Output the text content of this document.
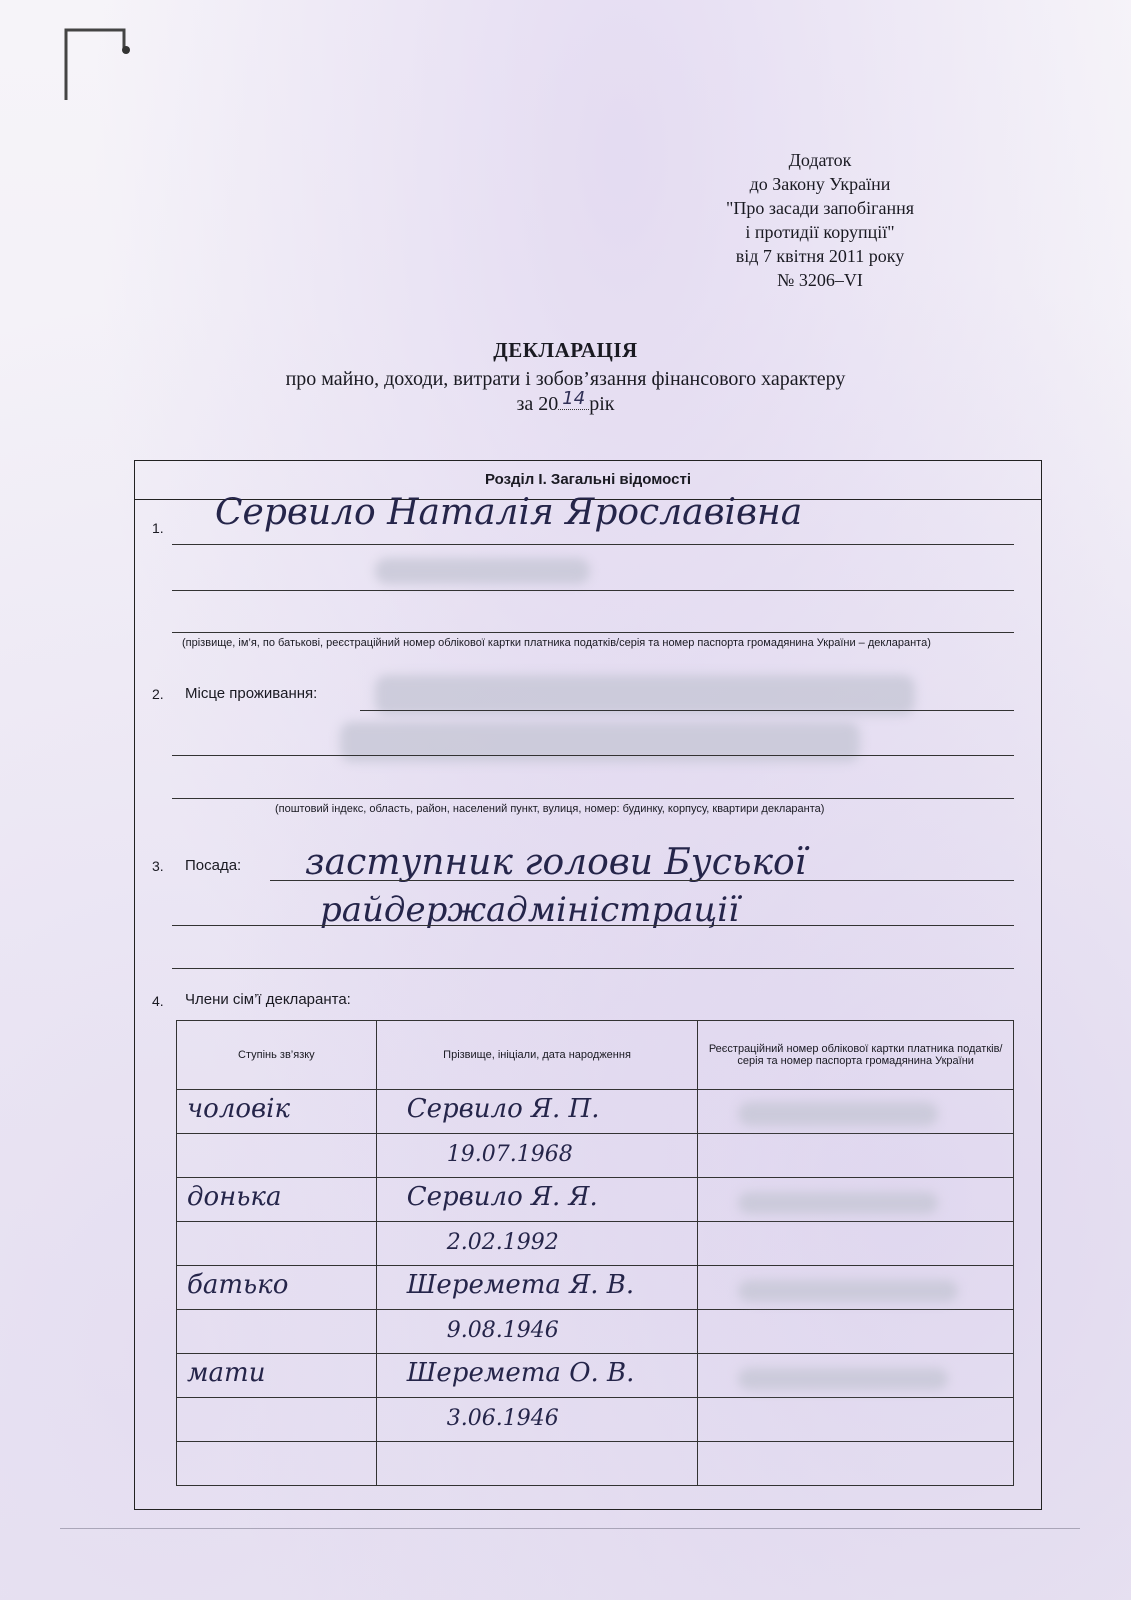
Додаток
до Закону України
"Про засади запобігання
і протидії корупції"
від 7 квітня 2011 року
№ 3206–VI
ДЕКЛАРАЦІЯ
про майно, доходи, витрати і зобов’язання фінансового характеру
за 20 14 рік
Розділ І. Загальні відомості
1. Сервило Наталія Ярославівна
(прізвище, ім’я, по батькові, реєстраційний номер облікової картки платника податків/серія та номер паспорта громадянина України – декларанта)
2. Місце проживання:
(поштовий індекс, область, район, населений пункт, вулиця, номер: будинку, корпусу, квартири декларанта)
3. Посада: заступник голови Буської
райдержадміністрації
4. Члени сім’ї декларанта:
Ступінь зв’язку	Прізвище, ініціали, дата народження	Реєстраційний номер облікової картки платника податків/ серія та номер паспорта громадянина України

чоловік	Сервило Я. П.	

	19.07.1968	

донька	Сервило Я. Я.	

	2.02.1992	

батько	Шеремета Я. В.	

	9.08.1946	

мати	Шеремета О. В.	

	3.06.1946	
